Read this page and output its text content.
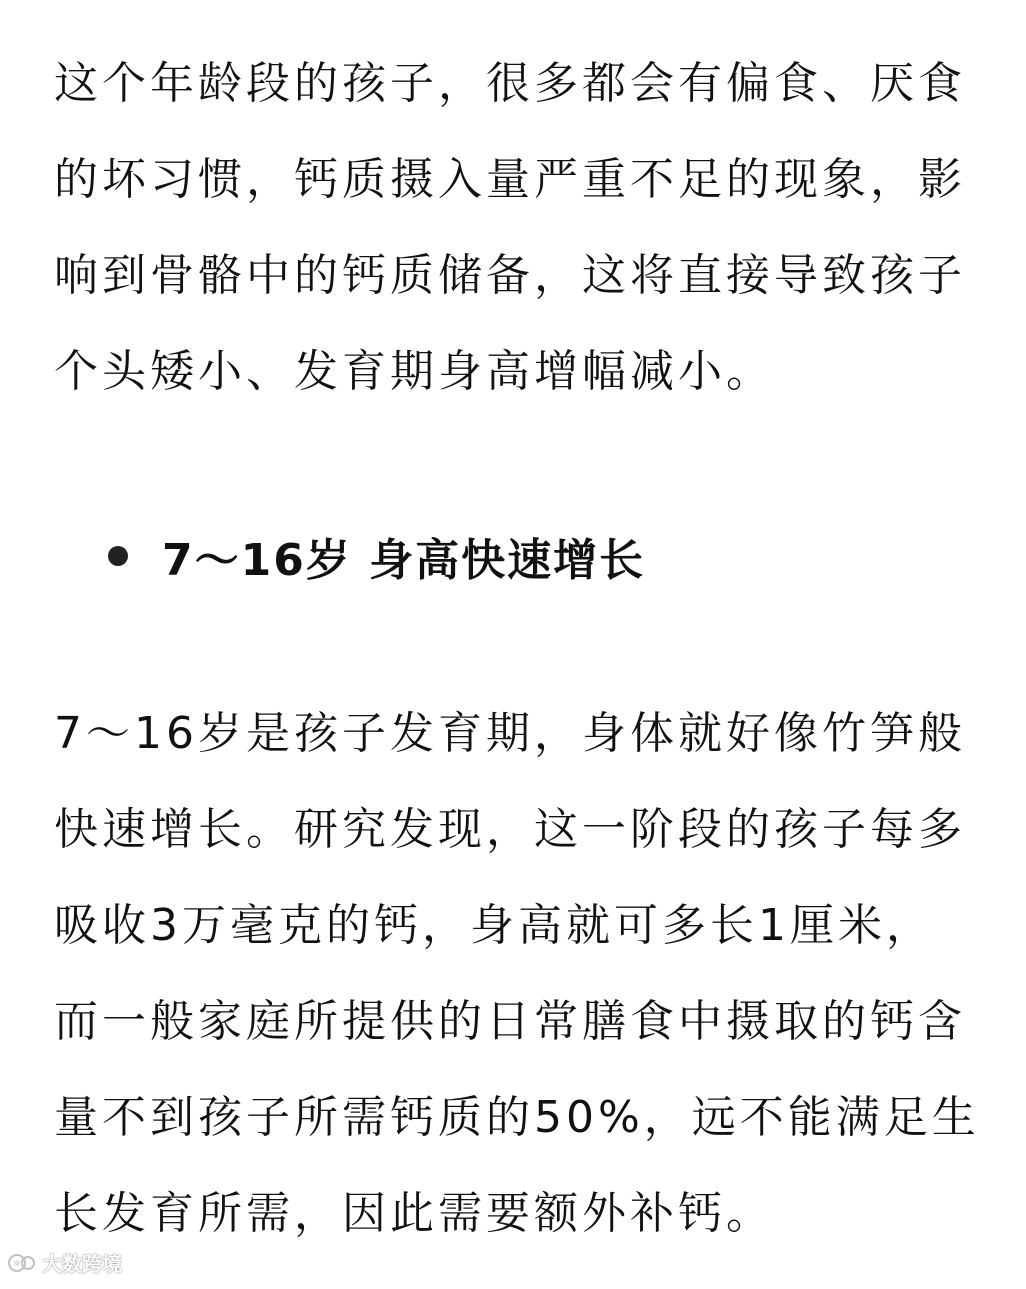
这个年龄段的孩子，很多都会有偏食、厌食
的坏习惯，钙质摄入量严重不足的现象，影
响到骨骼中的钙质储备，这将直接导致孩子
个头矮小、发育期身高增幅减小。

7～16岁 身高快速增长

7～16岁是孩子发育期，身体就好像竹笋般
快速增长。研究发现，这一阶段的孩子每多
吸收3万毫克的钙，身高就可多长1厘米，
而一般家庭所提供的日常膳食中摄取的钙含
量不到孩子所需钙质的50%，远不能满足生
长发育所需，因此需要额外补钙。

大数跨境
